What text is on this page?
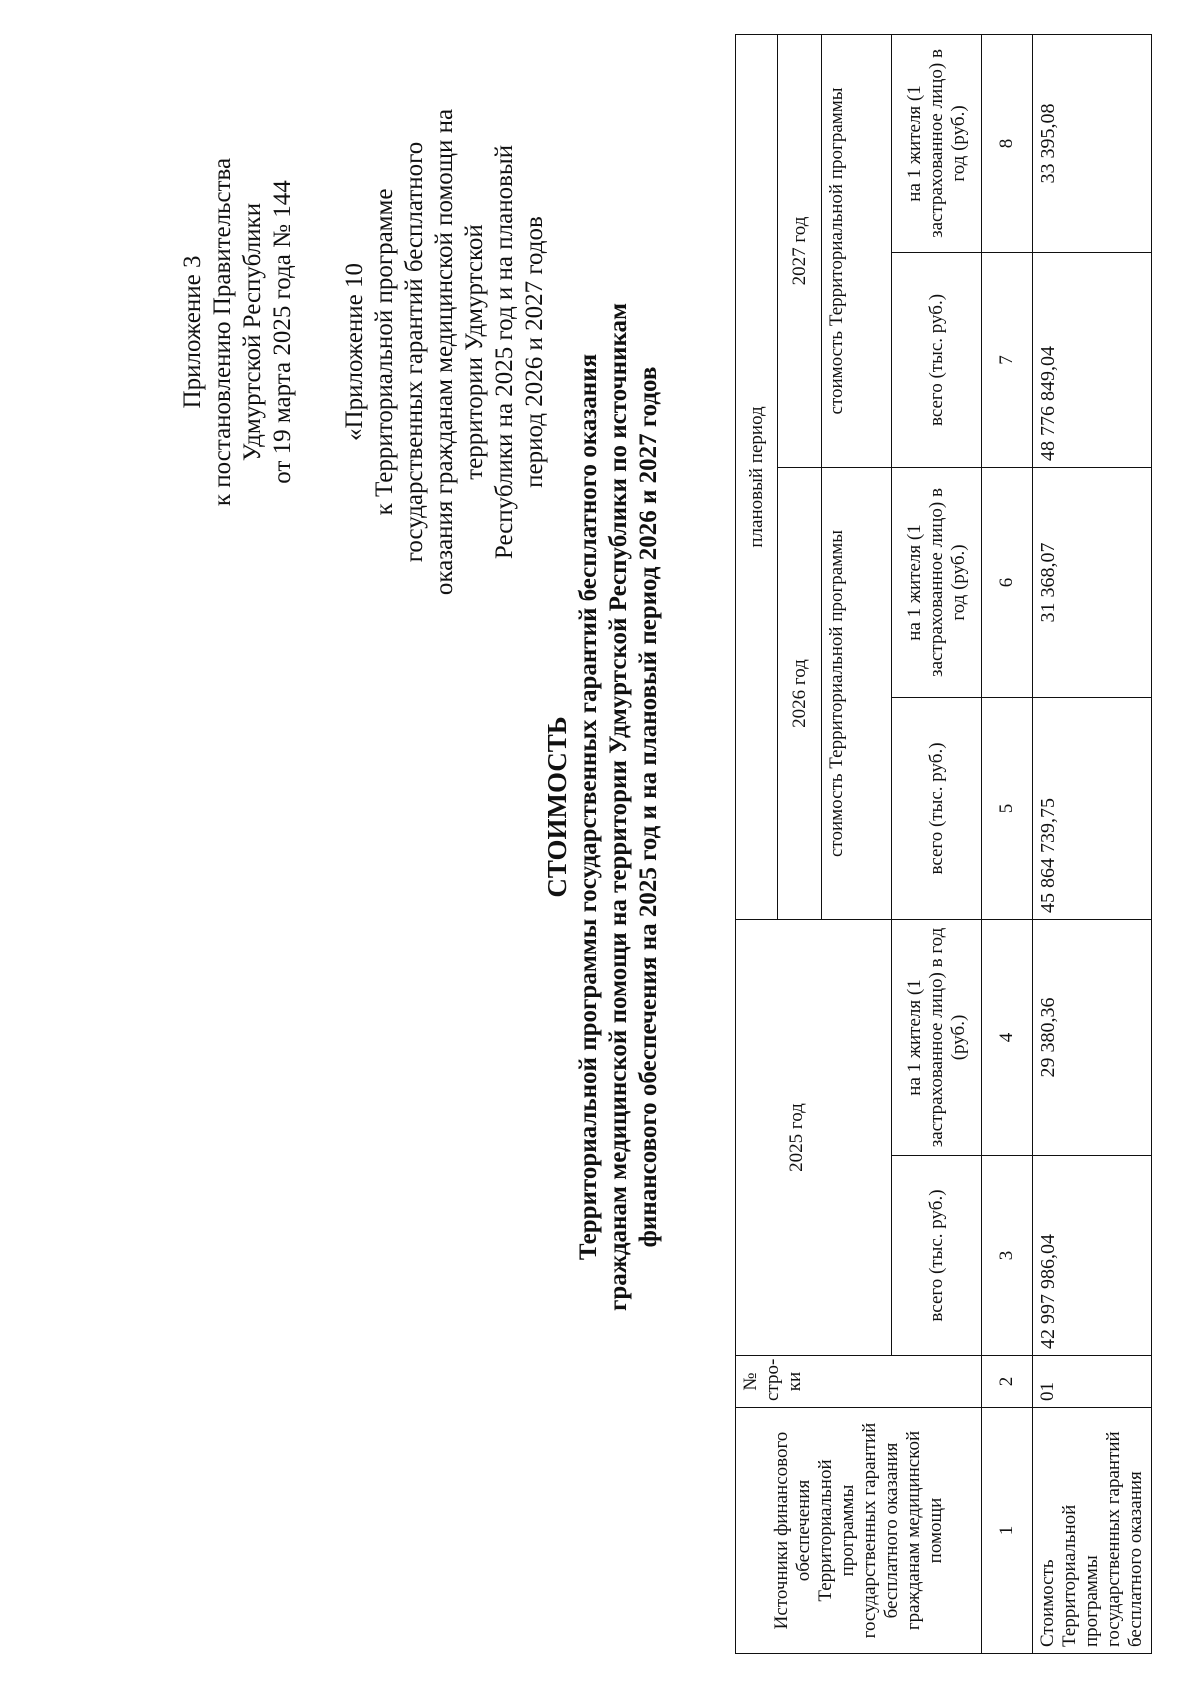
Приложение 3 к постановлению Правительства Удмуртской Республики от 19 марта 2025 года № 144 «Приложение 10 к Территориальной программе государственных гарантий бесплатного оказания гражданам медицинской помощи на территории Удмуртской Республики на 2025 год и на плановый период 2026 и 2027 годов
СТОИМОСТЬ Территориальной программы государственных гарантий бесплатного оказания гражданам медицинской помощи на территории Удмуртской Республики по источникам финансового обеспечения на 2025 год и на плановый период 2026 и 2027 годов
Источники финансового обеспечения Территориальной программы государственных гарантий бесплатного оказания гражданам медицинской помощи	№ стро-ки	2025 год		плановый период			
				2026 год		2027 год	
				стоимость Территориальной программы		стоимость Территориальной программы	
		всего (тыс. руб.)	на 1 жителя (1 застрахованное лицо) в год (руб.)	всего (тыс. руб.)	на 1 жителя (1 застрахованное лицо) в год (руб.)	всего (тыс. руб.)	на 1 жителя (1 застрахованное лицо) в год (руб.)
1	2	3	4	5	6	7	8
Стоимость Территориальной программы государственных гарантий бесплатного оказания	01	42 997 986,04	29 380,36	45 864 739,75	31 368,07	48 776 849,04	33 395,08
